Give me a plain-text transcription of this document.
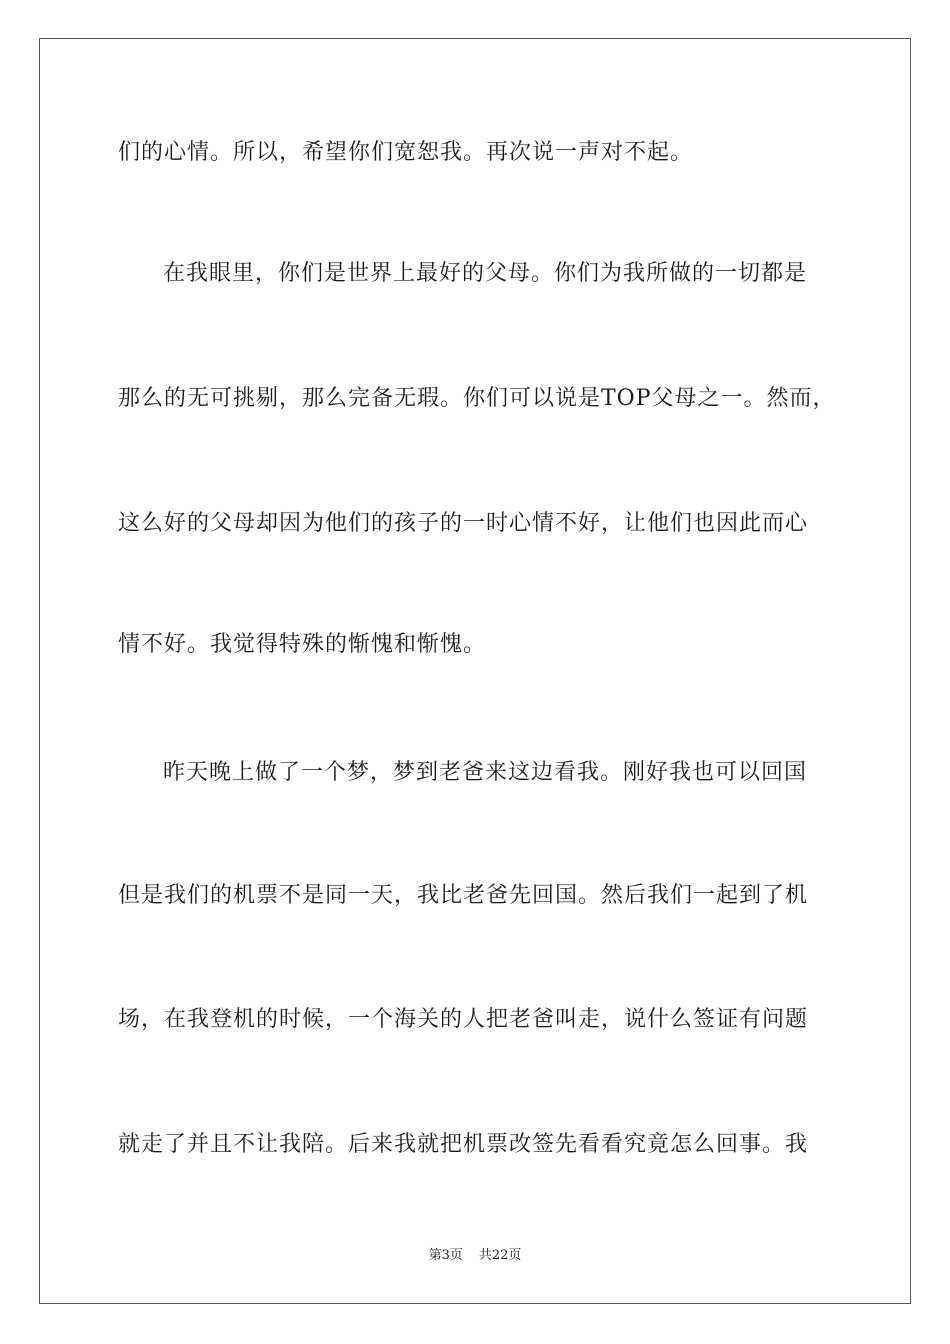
们的心情。所以，希望你们宽恕我。再次说一声对不起。
在我眼里，你们是世界上最好的父母。你们为我所做的一切都是
那么的无可挑剔，那么完备无瑕。你们可以说是TOP父母之一。然而，
这么好的父母却因为他们的孩子的一时心情不好，让他们也因此而心
情不好。我觉得特殊的惭愧和惭愧。
昨天晚上做了一个梦，梦到老爸来这边看我。刚好我也可以回国
但是我们的机票不是同一天，我比老爸先回国。然后我们一起到了机
场，在我登机的时候，一个海关的人把老爸叫走，说什么签证有问题
就走了并且不让我陪。后来我就把机票改签先看看究竟怎么回事。我
第3页 共22页
